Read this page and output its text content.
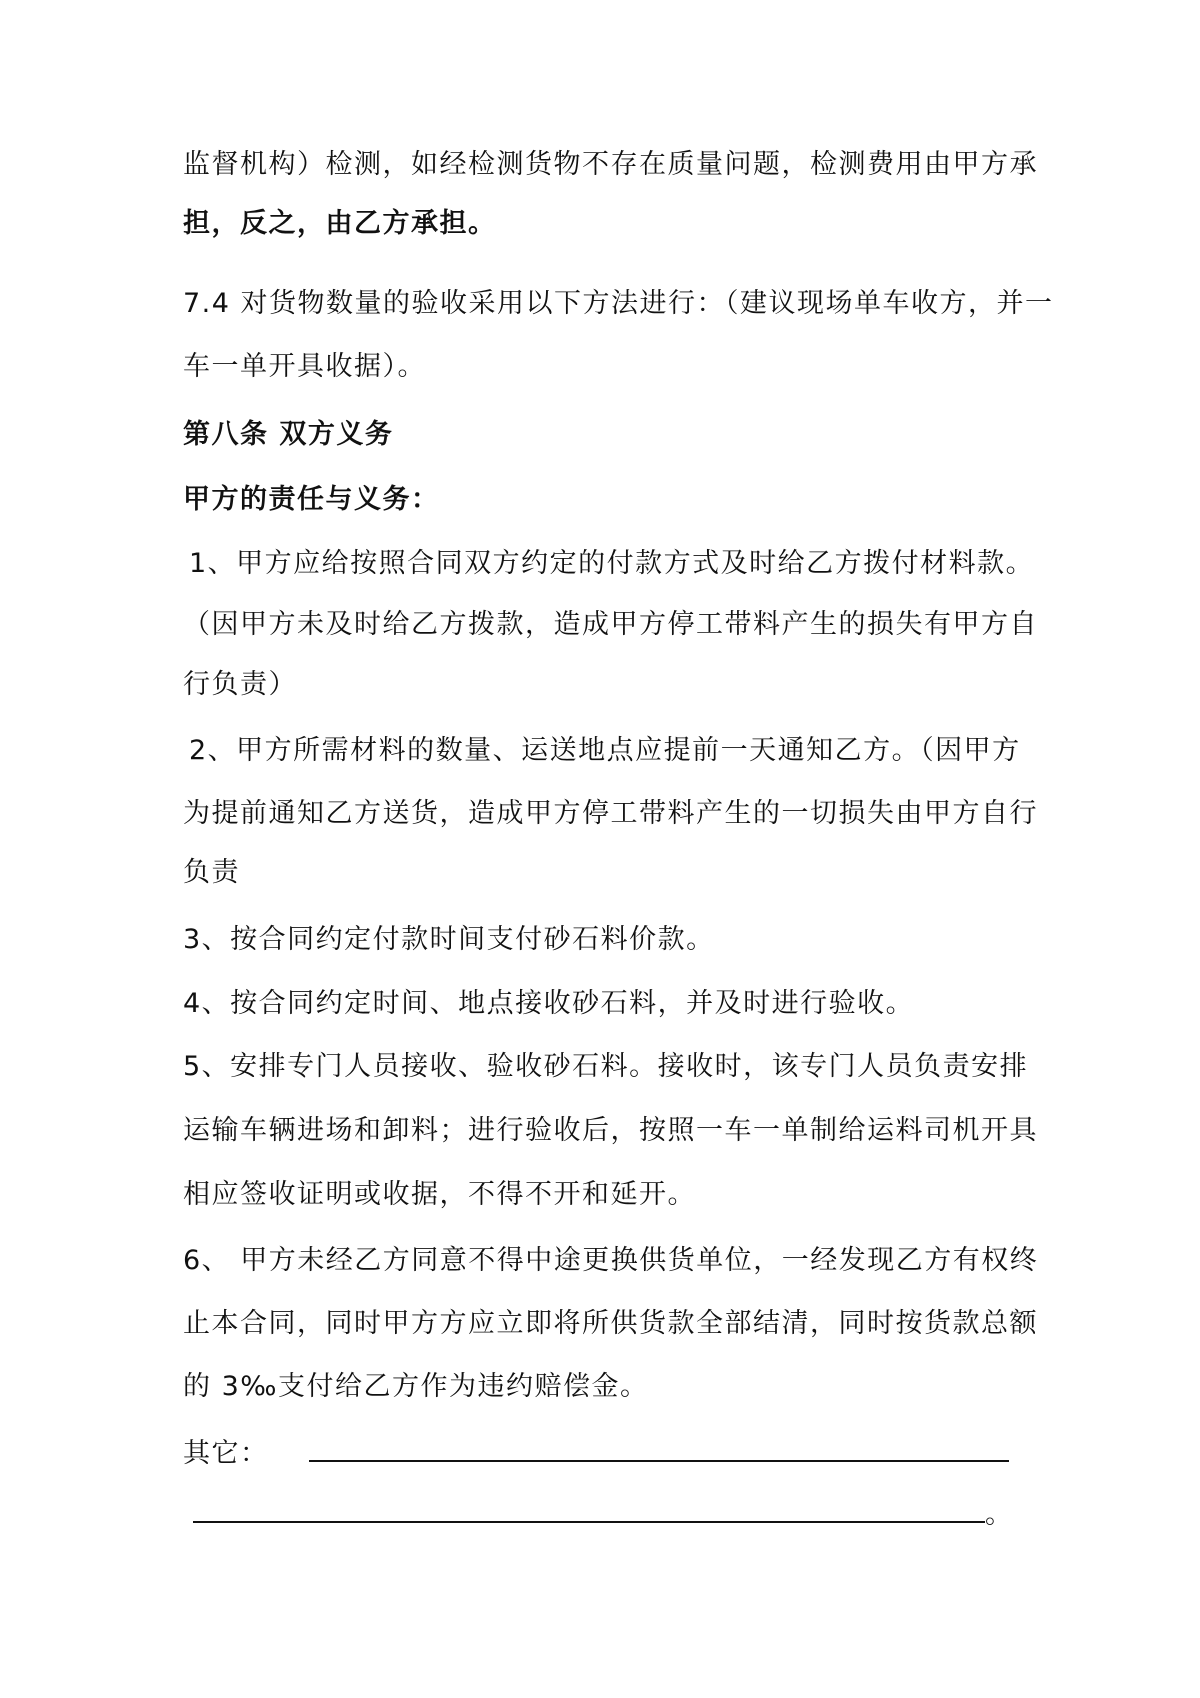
监督机构）检测，如经检测货物不存在质量问题，检测费用由甲方承
担，反之，由乙方承担。
7.4 对货物数量的验收采用以下方法进行：（建议现场单车收方，并一
车一单开具收据）。
第八条 双方义务
甲方的责任与义务：
1、甲方应给按照合同双方约定的付款方式及时给乙方拨付材料款。
（因甲方未及时给乙方拨款，造成甲方停工带料产生的损失有甲方自
行负责）
2、甲方所需材料的数量、运送地点应提前一天通知乙方。（因甲方
为提前通知乙方送货，造成甲方停工带料产生的一切损失由甲方自行
负责
3、按合同约定付款时间支付砂石料价款。
4、按合同约定时间、地点接收砂石料，并及时进行验收。
5、安排专门人员接收、验收砂石料。接收时，该专门人员负责安排
运输车辆进场和卸料；进行验收后，按照一车一单制给运料司机开具
相应签收证明或收据，不得不开和延开。
6、 甲方未经乙方同意不得中途更换供货单位，一经发现乙方有权终
止本合同，同时甲方方应立即将所供货款全部结清，同时按货款总额
的 3‰支付给乙方作为违约赔偿金。
其它：
。
